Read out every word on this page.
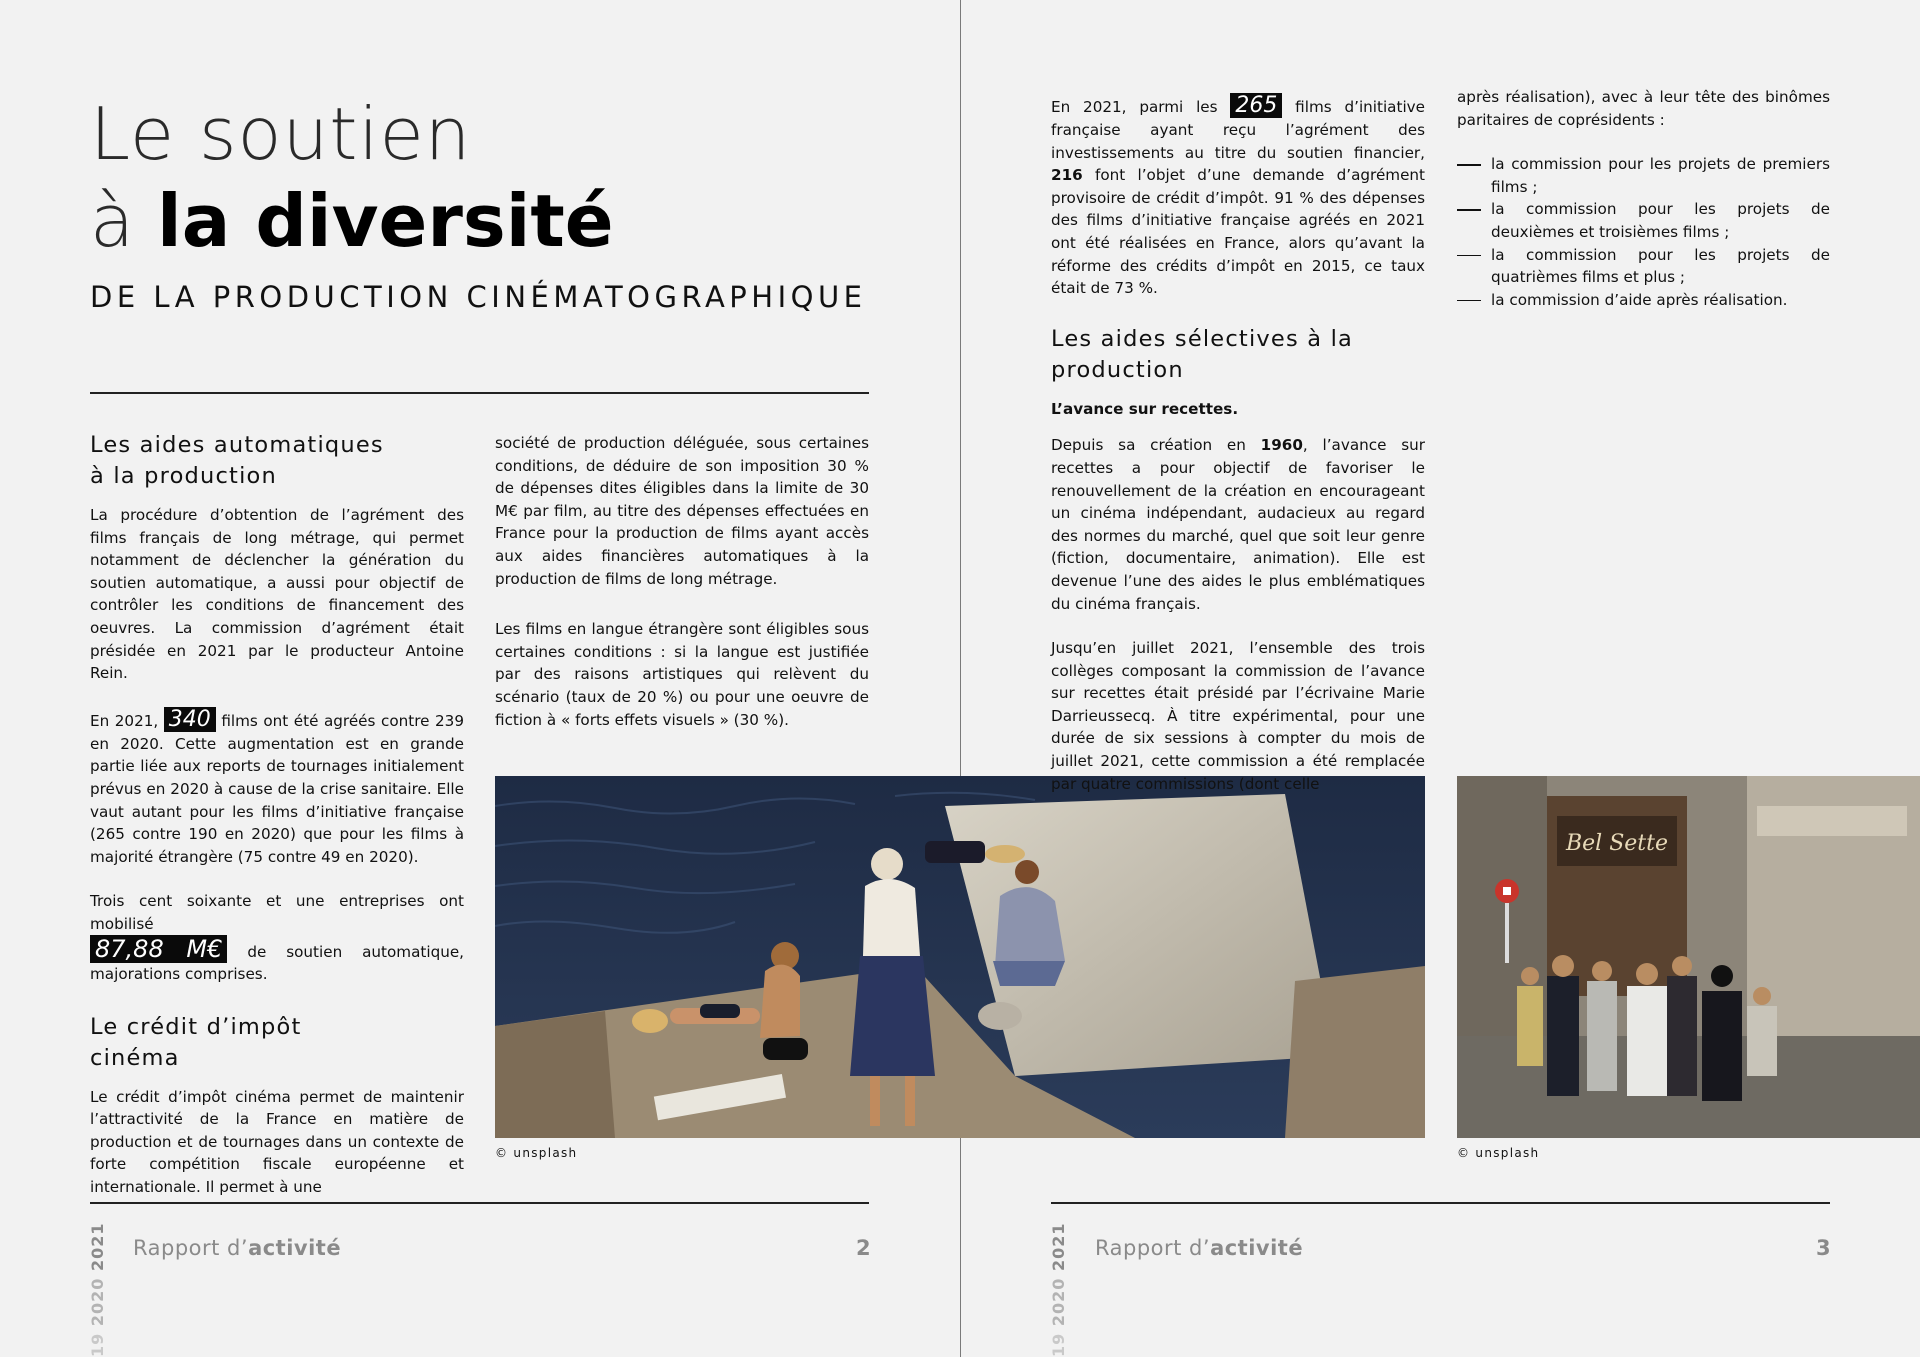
Le soutien
à la diversité
DE LA PRODUCTION CINÉMATOGRAPHIQUE
Les aides automatiques
à la production

La procédure d’obtention de l’agrément des films français de long métrage, qui permet notamment de déclencher la génération du soutien automatique, a aussi pour objectif de contrôler les conditions de financement des oeuvres. La commission d’agrément était présidée en 2021 par le producteur Antoine Rein.

En 2021, 340 films ont été agréés contre 239 en 2020. Cette augmentation est en grande partie liée aux reports de tournages initialement prévus en 2020 à cause de la crise sanitaire. Elle vaut autant pour les films d’initiative française (265 contre 190 en 2020) que pour les films à majorité étrangère (75 contre 49 en 2020).

Trois cent soixante et une entreprises ont mobilisé
87,88 M€ de soutien automatique, majorations comprises.

Le crédit d’impôt
cinéma

Le crédit d’impôt cinéma permet de maintenir l’attractivité de la France en matière de production et de tournages dans un contexte de forte compétition fiscale européenne et internationale. Il permet à une

société de production déléguée, sous certaines conditions, de déduire de son imposition 30 % de dépenses dites éligibles dans la limite de 30 M€ par film, au titre des dépenses effectuées en France pour la production de films ayant accès aux aides financières automatiques à la production de films de long métrage.

Les films en langue étrangère sont éligibles sous certaines conditions : si la langue est justifiée par des raisons artistiques qui relèvent du scénario (taux de 20 %) ou pour une oeuvre de fiction à « forts effets visuels » (30 %).

© unsplash
19 2020 2021 Rapport d’activité	2

En 2021, parmi les 265 films d’initiative française ayant reçu l’agrément des investissements au titre du soutien financier, 216 font l’objet d’une demande d’agrément provisoire de crédit d’impôt. 91 % des dépenses des films d’initiative française agréés en 2021 ont été réalisées en France, alors qu’avant la réforme des crédits d’impôt en 2015, ce taux était de 73 %.

Les aides sélectives à la
production
L’avance sur recettes.

Depuis sa création en 1960, l’avance sur recettes a pour objectif de favoriser le renouvellement de la création en encourageant un cinéma indépendant, audacieux au regard des normes du marché, quel que soit leur genre (fiction, documentaire, animation). Elle est devenue l’une des aides le plus emblématiques du cinéma français.

Jusqu’en juillet 2021, l’ensemble des trois collèges composant la commission de l’avance sur recettes était présidé par l’écrivaine Marie Darrieussecq. À titre expérimental, pour une durée de six sessions à compter du mois de juillet 2021, cette commission a été remplacée par quatre commissions (dont celle

après réalisation), avec à leur tête des binômes paritaires de coprésidents :

la commission pour les projets de premiers films ;
la commission pour les projets de deuxièmes et troisièmes films ;
la commission pour les projets de quatrièmes films et plus ;
la commission d’aide après réalisation.
Bel Sette
© unsplash
19 2020 2021 Rapport d’activité	3
